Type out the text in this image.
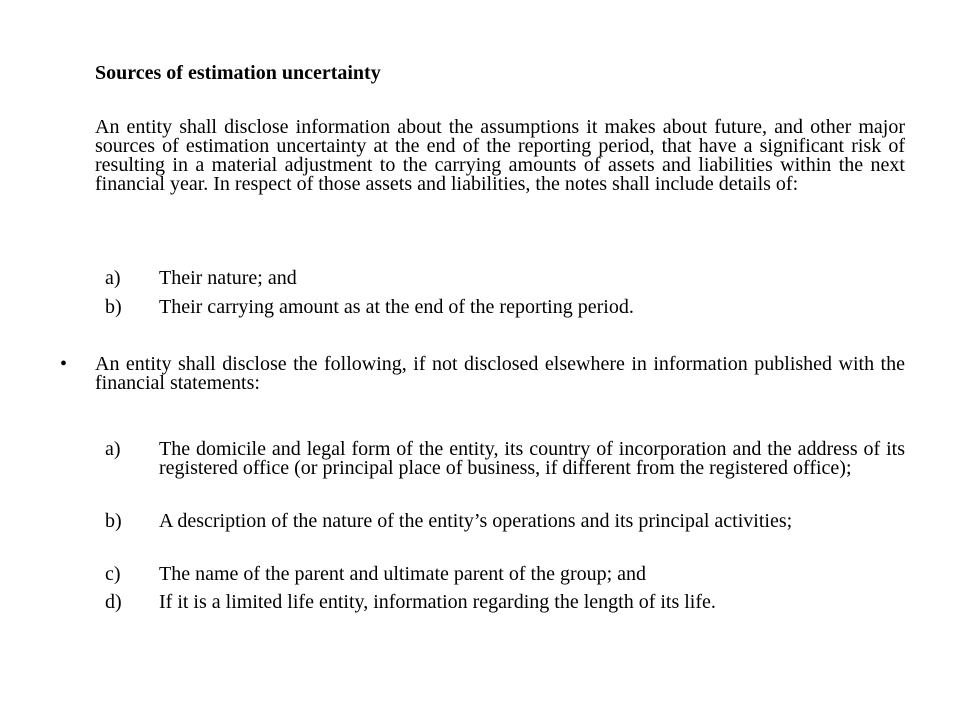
Sources of estimation uncertainty
An entity shall disclose information about the assumptions it makes about future, and other major sources of estimation uncertainty at the end of the reporting period, that have a significant risk of resulting in a material adjustment to the carrying amounts of assets and liabilities within the next financial year. In respect of those assets and liabilities, the notes shall include details of:
a)	Their nature; and
b)	Their carrying amount as at the end of the reporting period.
• An entity shall disclose the following, if not disclosed elsewhere in information published with the financial statements:
a)	The domicile and legal form of the entity, its country of incorporation and the address of its registered office (or principal place of business, if different from the registered office);
b)	A description of the nature of the entity’s operations and its principal activities;
c)	The name of the parent and ultimate parent of the group; and
d)	If it is a limited life entity, information regarding the length of its life.
